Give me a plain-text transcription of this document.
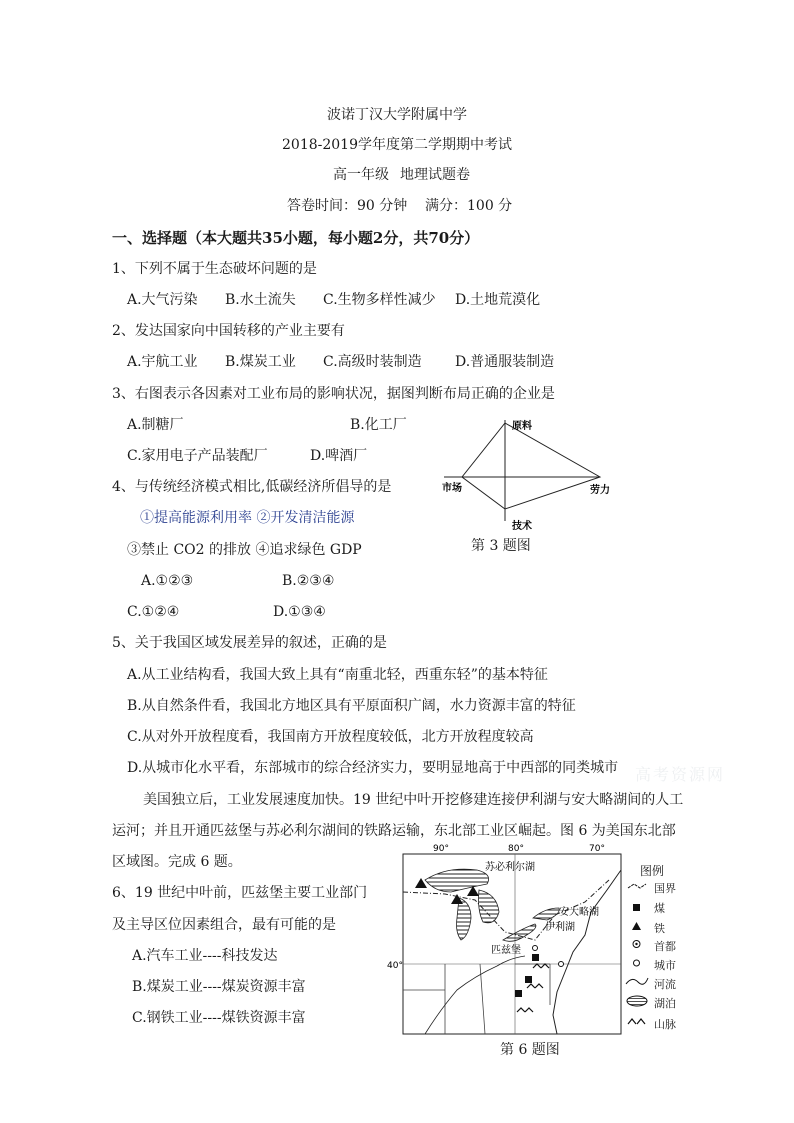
波诺丁汉大学附属中学
2018-2019学年度第二学期期中考试
高一年级 地理试题卷
答卷时间：90 分钟 满分：100 分
一、选择题（本大题共35小题，每小题2分，共70分）
1、下列不属于生态破坏问题的是
A.大气污染 B.水土流失 C.生物多样性减少 D.土地荒漠化
2、发达国家向中国转移的产业主要有
A.宇航工业 B.煤炭工业 C.高级时装制造 D.普通服装制造
3、右图表示各因素对工业布局的影响状况，据图判断布局正确的企业是
A.制糖厂	B.化工厂
C.家用电子产品装配厂	D.啤酒厂
原料
市场	劳力
技术
第 3 题图
4、与传统经济模式相比,低碳经济所倡导的是
①提高能源利用率 ②开发清洁能源
③禁止 CO2 的排放 ④追求绿色 GDP
A.①②③	B.②③④
C.①②④	D.①③④
5、关于我国区域发展差异的叙述，正确的是
A.从工业结构看，我国大致上具有“南重北轻，西重东轻”的基本特征
B.从自然条件看，我国北方地区具有平原面积广阔，水力资源丰富的特征
C.从对外开放程度看，我国南方开放程度较低，北方开放程度较高
D.从城市化水平看，东部城市的综合经济实力，要明显地高于中西部的同类城市 高考资源网
美国独立后，工业发展速度加快。19 世纪中叶开挖修建连接伊利湖与安大略湖间的人工
运河；并且开通匹兹堡与苏必利尔湖间的铁路运输，东北部工业区崛起。图 6 为美国东北部
区域图。完成 6 题。
6、19 世纪中叶前，匹兹堡主要工业部门
及主导区位因素组合，最有可能的是
A.汽车工业----科技发达
B.煤炭工业----煤炭资源丰富
C.钢铁工业----煤铁资源丰富
90°	80°	70°
40°
苏必利尔湖
安大略湖
伊利湖
匹兹堡
第 6 题图
图例
国界
煤
铁
首都
城市
河流
湖泊
山脉
